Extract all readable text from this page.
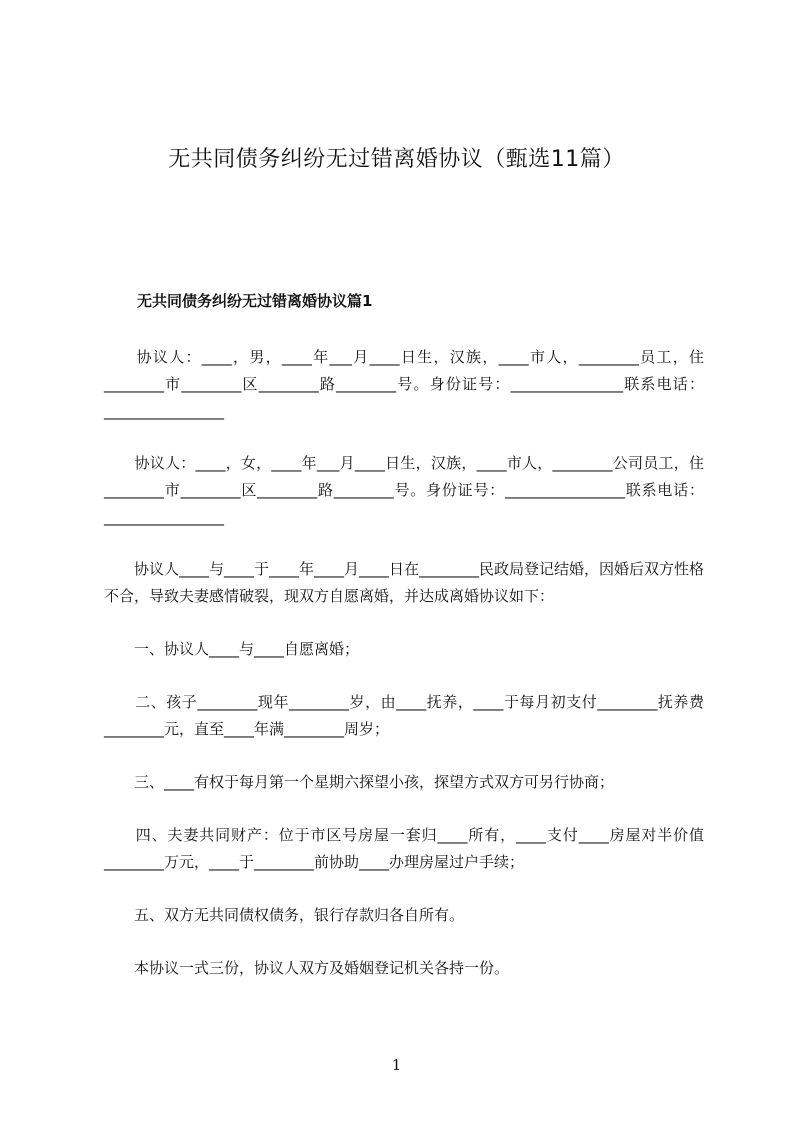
无共同债务纠纷无过错离婚协议（甄选11篇）
无共同债务纠纷无过错离婚协议篇1
　　协议人：____，男，____年___月____日生，汉族，____市人，________员工，住________市________区________路________号。身份证号：_______________联系电话：________________
　　协议人：____，女，____年___月____日生，汉族，____市人，________公司员工，住________市________区________路________号。身份证号：________________联系电话：________________
　　协议人____与____于____年____月____日在________民政局登记结婚，因婚后双方性格不合，导致夫妻感情破裂，现双方自愿离婚，并达成离婚协议如下：
　　一、协议人____与____自愿离婚；
　　二、孩子________现年________岁，由____抚养，____于每月初支付________抚养费________元，直至____年满________周岁；
　　三、____有权于每月第一个星期六探望小孩，探望方式双方可另行协商；
　　四、夫妻共同财产：位于市区号房屋一套归____所有，____支付____房屋对半价值________万元，____于________前协助____办理房屋过户手续；
　　五、双方无共同债权债务，银行存款归各自所有。
　　本协议一式三份，协议人双方及婚姻登记机关各持一份。
1
